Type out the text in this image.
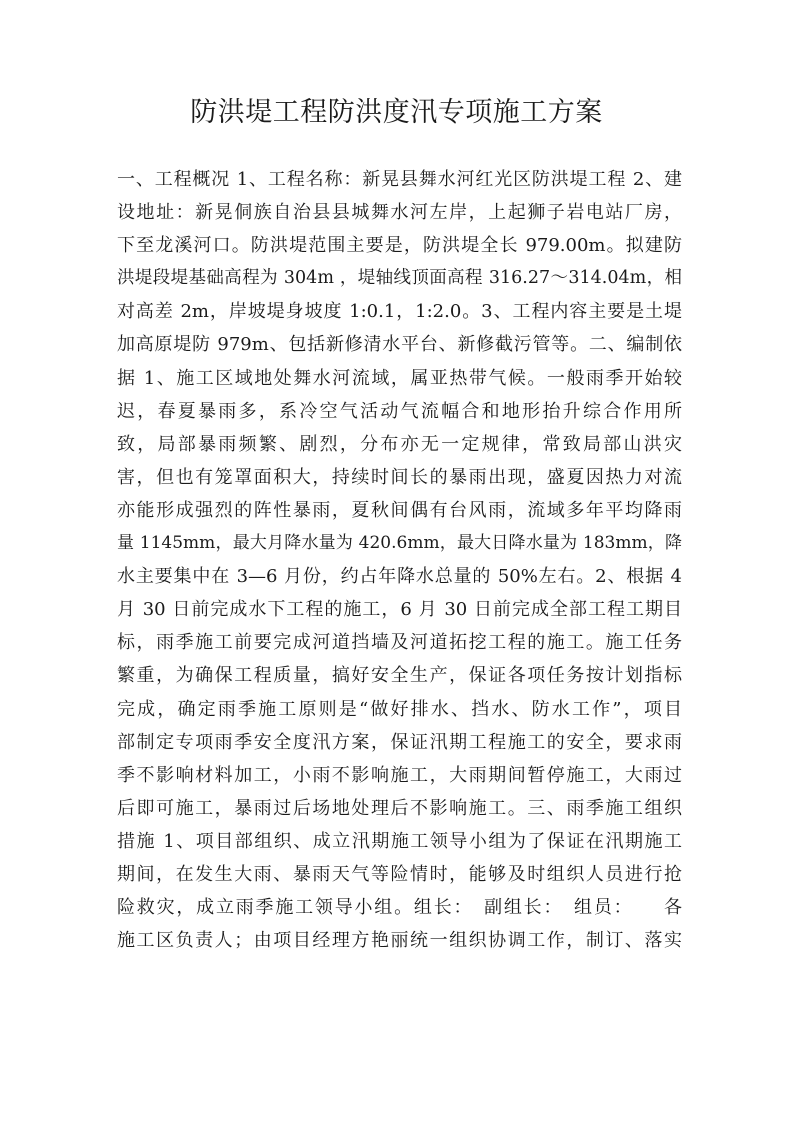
防洪堤工程防洪度汛专项施工方案
一、工程概况 1、工程名称：新晃县舞水河红光区防洪堤工程 2、建
设地址：新晃侗族自治县县城舞水河左岸，上起狮子岩电站厂房，
下至龙溪河口。防洪堤范围主要是，防洪堤全长 979.00m。拟建防
洪堤段堤基础高程为 304m ，堤轴线顶面高程 316.27～314.04m，相
对高差 2m，岸坡堤身坡度 1:0.1，1:2.0。3、工程内容主要是土堤
加高原堤防 979m、包括新修清水平台、新修截污管等。二、编制依
据 1、施工区域地处舞水河流域，属亚热带气候。一般雨季开始较
迟，春夏暴雨多，系冷空气活动气流幅合和地形抬升综合作用所
致，局部暴雨频繁、剧烈，分布亦无一定规律，常致局部山洪灾
害，但也有笼罩面积大，持续时间长的暴雨出现，盛夏因热力对流
亦能形成强烈的阵性暴雨，夏秋间偶有台风雨，流域多年平均降雨
量 1145mm，最大月降水量为 420.6mm，最大日降水量为 183mm，降
水主要集中在 3—6 月份，约占年降水总量的 50%左右。2、根据 4
月 30 日前完成水下工程的施工，6 月 30 日前完成全部工程工期目
标，雨季施工前要完成河道挡墙及河道拓挖工程的施工。施工任务
繁重，为确保工程质量，搞好安全生产，保证各项任务按计划指标
完成，确定雨季施工原则是“做好排水、挡水、防水工作”，项目
部制定专项雨季安全度汛方案，保证汛期工程施工的安全，要求雨
季不影响材料加工，小雨不影响施工，大雨期间暂停施工，大雨过
后即可施工，暴雨过后场地处理后不影响施工。三、雨季施工组织
措施 1、项目部组织、成立汛期施工领导小组为了保证在汛期施工
期间，在发生大雨、暴雨天气等险情时，能够及时组织人员进行抢
险救灾，成立雨季施工领导小组。组长：　副组长：　组员：　　各
施工区负责人；由项目经理方艳丽统一组织协调工作，制订、落实
